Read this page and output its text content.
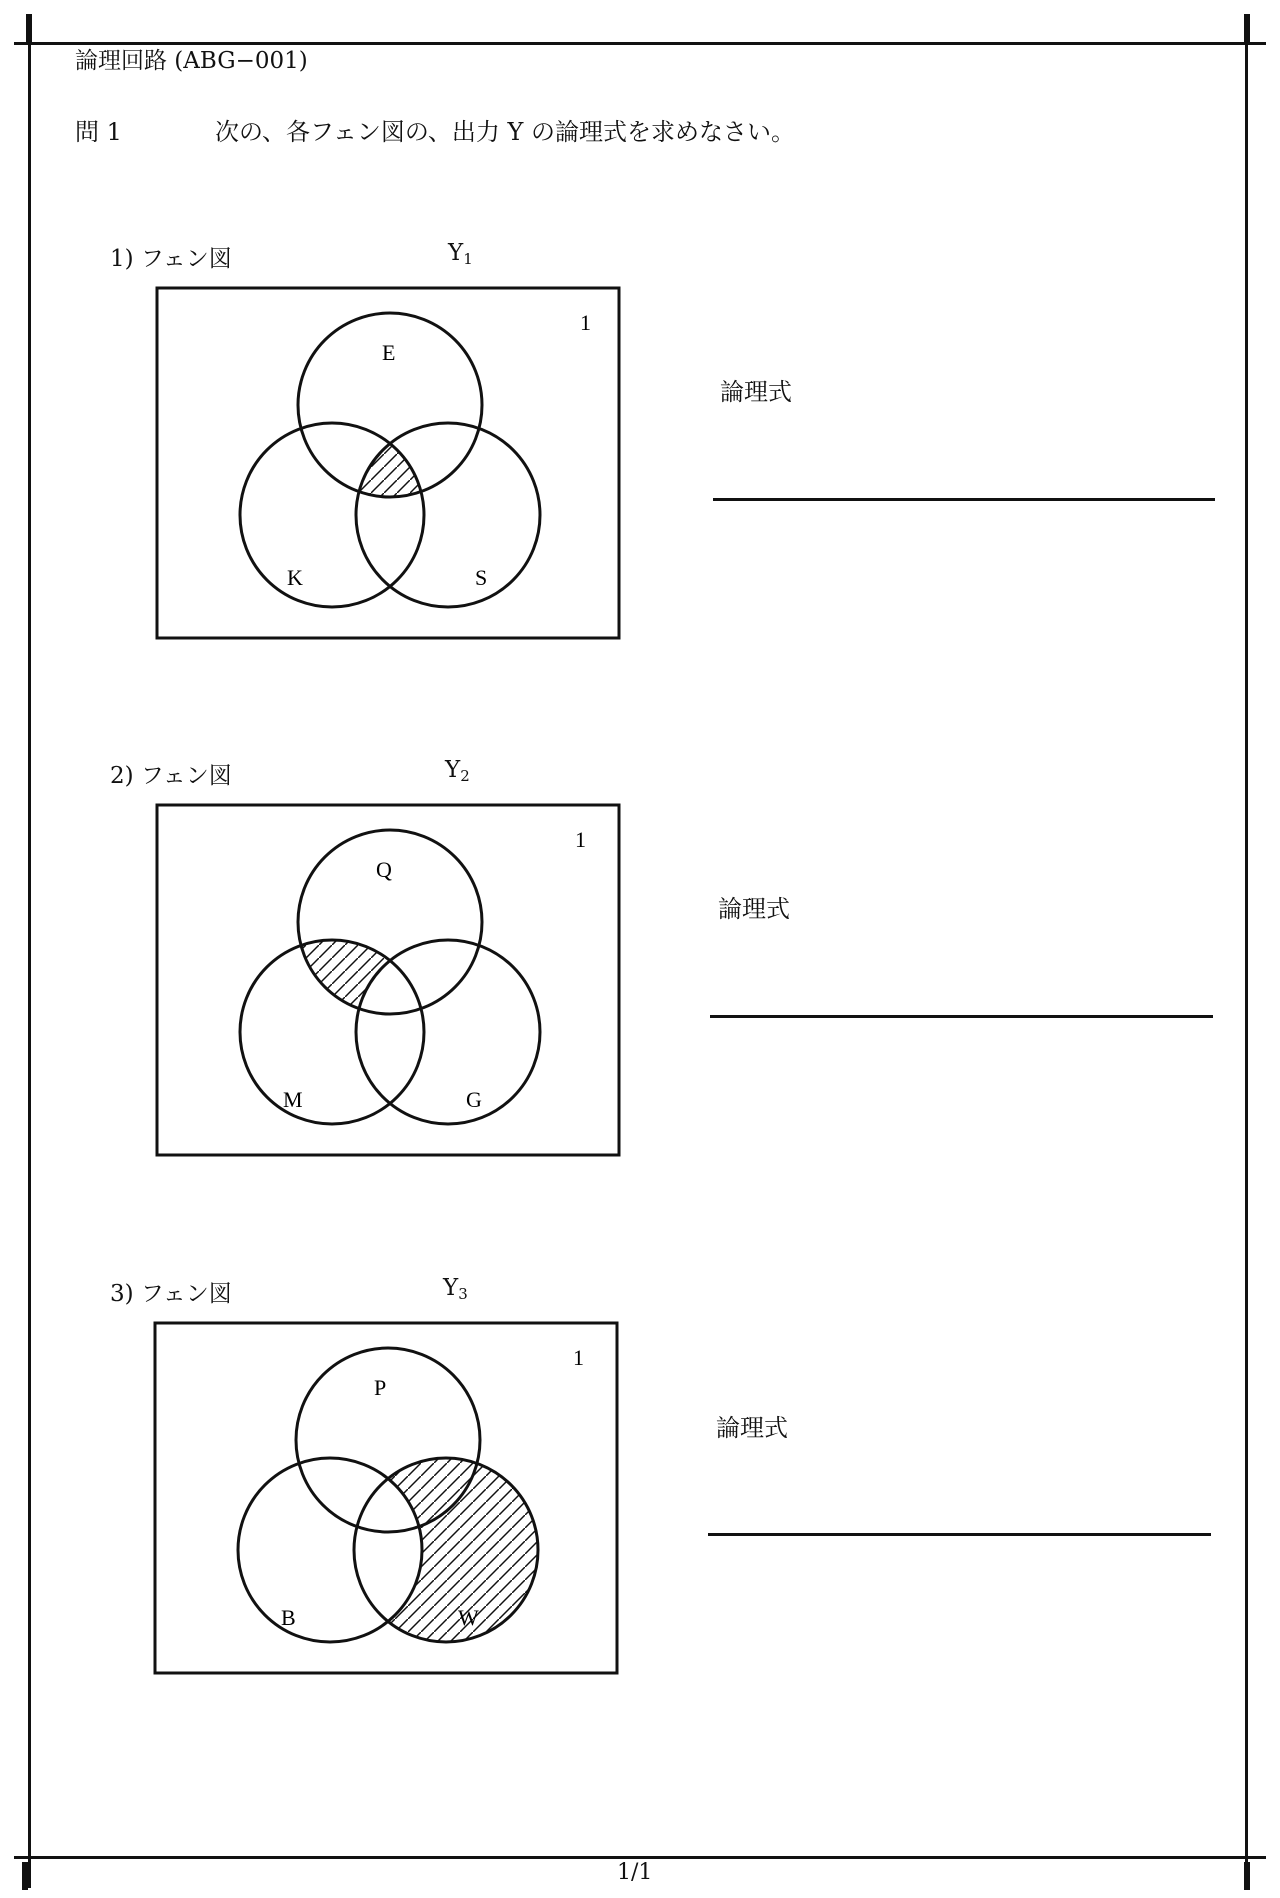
論理回路 (ABG−001)
問 1	次の、各フェン図の、出力 Y の論理式を求めなさい。
1) フェン図	$Y_1$
1
E
K	S
論理式
2) フェン図	$Y_2$
1
Q
M	G
論理式
3) フェン図	$Y_3$
1
P
B	W
論理式
1/1
